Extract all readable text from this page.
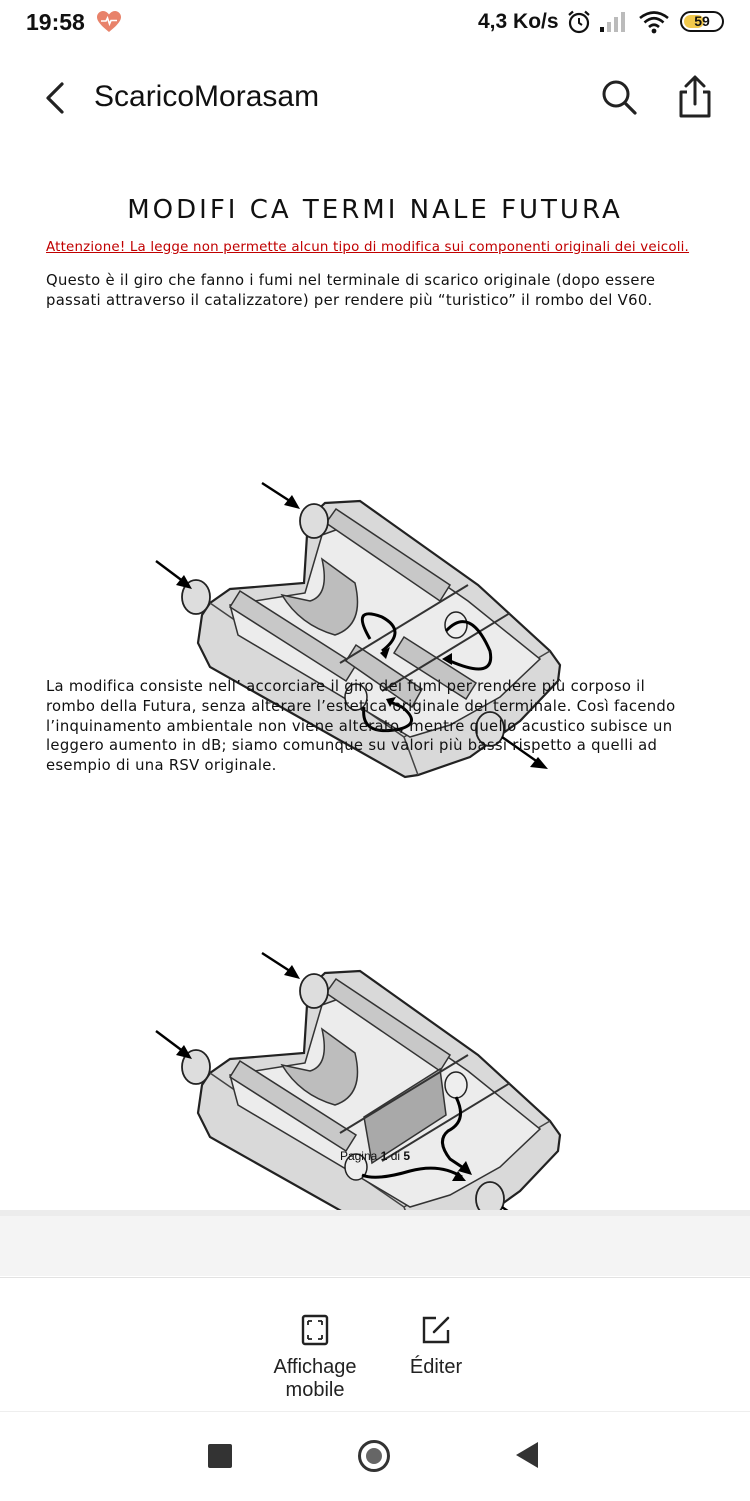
19:58	4,3 Ko/s	59
ScaricoMorasam
MODIFI CA TERMI NALE FUTURA
Attenzione! La legge non permette alcun tipo di modifica sui componenti originali dei veicoli.
Questo è il giro che fanno i fumi nel terminale di scarico originale (dopo essere
passati attraverso il catalizzatore) per rendere più “turistico” il rombo del V60.
La modifica consiste nell’ accorciare il giro dei fumi per rendere più corposo il
rombo della Futura, senza alterare l’estetica originale del terminale. Così facendo
l’inquinamento ambientale non viene alterato, mentre quello acustico subisce un
leggero aumento in dB; siamo comunque su valori più bassi rispetto a quelli ad
esempio di una RSV originale.
Pagina 1 di 5
Affichage
mobile
Éditer
